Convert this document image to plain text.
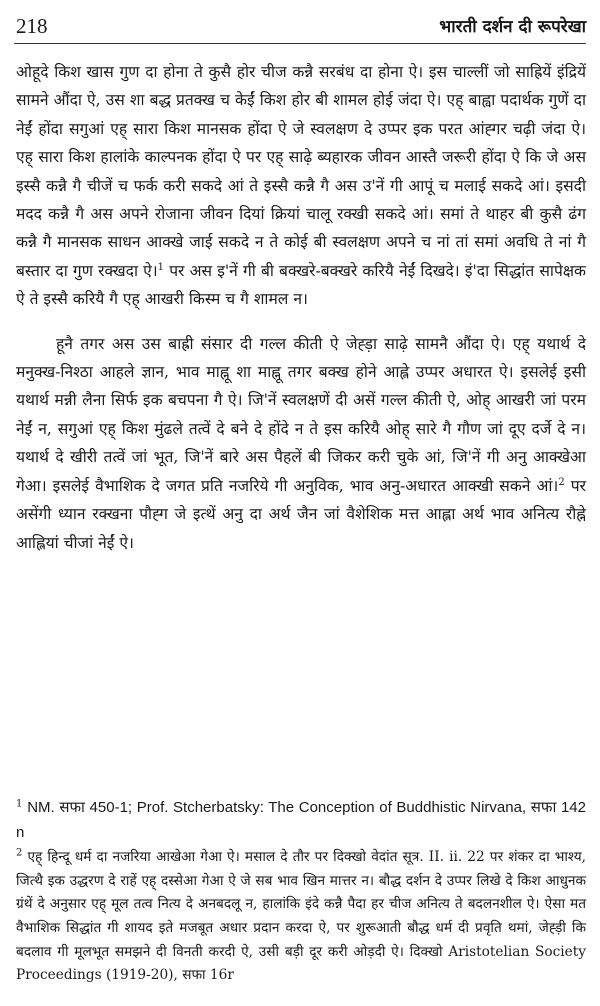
218	भारती दर्शन दी रूपरेखा

ओहूदे किश खास गुण दा होना ते कुसै होर चीज कन्नै सरबंध दा होना ऐ। इस चाल्लीं जो साह्रियें इंद्रियें सामने औंदा ऐ, उस शा बद्ध प्रतक्ख च केईं किश होर बी शामल होई जंदा ऐ। एह् बाह्वा पदार्थक गुणें दा नेईं होंदा सगुआं एह् सारा किश मानसक होंदा ऐ जे स्वलक्षण दे उप्पर इक परत आंह्गर चढ़ी जंदा ऐ। एह् सारा किश हालांके काल्पनक होंदा ऐ पर एह् साढ़े ब्यहारक जीवन आस्तै जरूरी होंदा ऐ कि जे अस इस्सै कन्नै गै चीजें च फर्क करी सकदे आं ते इस्सै कन्नै गै अस उ'नें गी आपूं च मलाई सकदे आं। इसदी मदद कन्नै गै अस अपने रोजाना जीवन दियां क्रियां चालू रक्खी सकदे आं। समां ते थाहर बी कुसै ढंग कन्नै गै मानसक साधन आक्खे जाई सकदे न ते कोई बी स्वलक्षण अपने च नां तां समां अवधि ते नां गै बस्तार दा गुण रक्खदा ऐ।$^1$ पर अस इ'नें गी बी बक्खरे-बक्खरे करियै नेईं दिखदे। इं'दा सिद्धांत सापेक्षक ऐ ते इस्सै करियै गै एह् आखरी किस्म च गै शामल न।

हूनै तगर अस उस बाह्री संसार दी गल्ल कीती ऐ जेह्ड़ा साढ़े सामनै औंदा ऐ। एह् यथार्थ दे मनुक्ख-निश्ठा आहले ज्ञान, भाव माह्नू शा माह्नू तगर बक्ख होने आह्ले उप्पर अधारत ऐ। इसलेई इसी यथार्थ मन्नी लैना सिर्फ इक बचपना गै ऐ। जि'नें स्वलक्षणें दी असें गल्ल कीती ऐ, ओह् आखरी जां परम नेईं न, सगुआं एह् किश मुंढले तत्वें दे बने दे होंदे न ते इस करियै ओह् सारे गै गौण जां दूए दर्जे दे न। यथार्थ दे खीरी तत्वें जां भूत, जि'नें बारे अस पैहलें बी जिकर करी चुके आं, जि'नें गी अनु आक्खेआ गेआ। इसलेई वैभाशिक दे जगत प्रति नजरिये गी अनुविक, भाव अनु-अधारत आक्खी सकने आं।$^2$ पर असेंगी ध्यान रक्खना पौह्ग जे इत्थें अनु दा अर्थ जैन जां वैशेशिक मत्त आह्ला अर्थ भाव अनित्य रौह्ने आह्लियां चीजां नेईं ऐ।

$^1$ NM. सफा 450-1; Prof. Stcherbatsky: The Conception of Buddhistic Nirvana, सफा 142 n

$^2$ एह् हिन्दू धर्म दा नजरिया आखेआ गेआ ऐ। मसाल दे तौर पर दिक्खो वेदांत सूत्र. II. ii. 22 पर शंकर दा भाश्य, जित्थै इक उद्धरण दे राहें एह् दस्सेआ गेआ ऐ जे सब भाव खिन मात्तर न। बौद्ध दर्शन दे उप्पर लिखे दे किश आधुनक ग्रंथें दे अनुसार एह् मूल तत्व नित्य दे अनबदलू न, हालांकि इंदे कन्नै पैदा हर चीज अनित्य ते बदलनशील ऐ। ऐसा मत वैभाशिक सिद्धांत गी शायद इते मजबूत अधार प्रदान करदा ऐ, पर शुरूआती बौद्ध धर्म दी प्रवृति थमां, जेह्ड़ी कि बदलाव गी मूलभूत समझने दी विनती करदी ऐ, उसी बड़ी दूर करी ओड़दी ऐ। दिक्खो Aristotelian Society Proceedings (1919-20), सफा 16r
